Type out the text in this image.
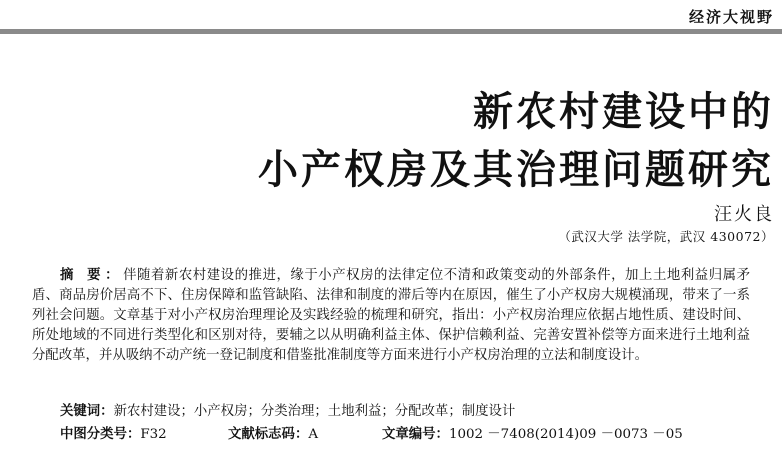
经济大视野
新农村建设中的
小产权房及其治理问题研究
汪火良
（武汉大学 法学院，武汉 430072）

摘 要：伴随着新农村建设的推进，缘于小产权房的法律定位不清和政策变动的外部条件，加上土地利益归属矛盾、商品房价居高不下、住房保障和监管缺陷、法律和制度的滞后等内在原因，催生了小产权房大规模涌现，带来了一系列社会问题。文章基于对小产权房治理理论及实践经验的梳理和研究，指出：小产权房治理应依据占地性质、建设时间、所处地域的不同进行类型化和区别对待，要辅之以从明确利益主体、保护信赖利益、完善安置补偿等方面来进行土地利益分配改革，并从吸纳不动产统一登记制度和借鉴批准制度等方面来进行小产权房治理的立法和制度设计。

关键词：新农村建设；小产权房；分类治理；土地利益；分配改革；制度设计
中图分类号：F32	文献标志码：A	文章编号：1002 －7408(2014)09 －0073 －05
